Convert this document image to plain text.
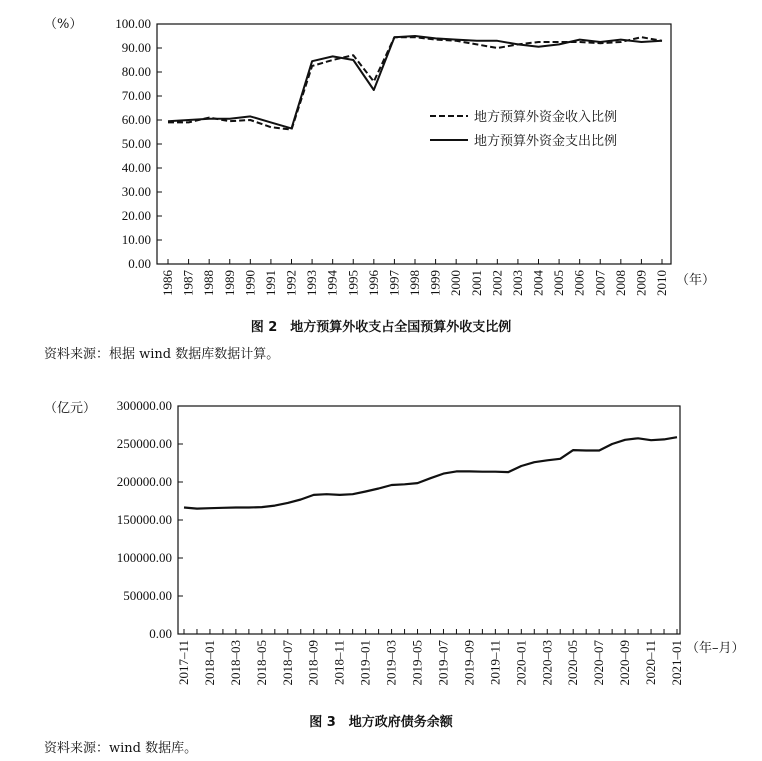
（%）	100.00
90.00
80.00
70.00
60.00
50.00
40.00
30.00
20.00
10.00
0.00
1986 1987 1988 1989 1990 1991 1992 1993 1994 1995 1996 1997 1998 1999 2000 2001 2002 2003 2004 2005 2006 2007 2008 2009 2010 （年）
地方预算外资金收入比例
地方预算外资金支出比例
图 2　地方预算外收支占全国预算外收支比例
资料来源：根据 wind 数据库数据计算。
（亿元） 300000.00
250000.00
200000.00
150000.00
100000.00
50000.00
0.00
2017–11 2018–01 2018–03 2018–05 2018–07 2018–09 2018–11 2019–01 2019–03 2019–05 2019–07 2019–09 2019–11 2020–01 2020–03 2020–05 2020–07 2020–09 2020–11 2021–01 （年–月）
图 3　地方政府债务余额
资料来源：wind 数据库。
